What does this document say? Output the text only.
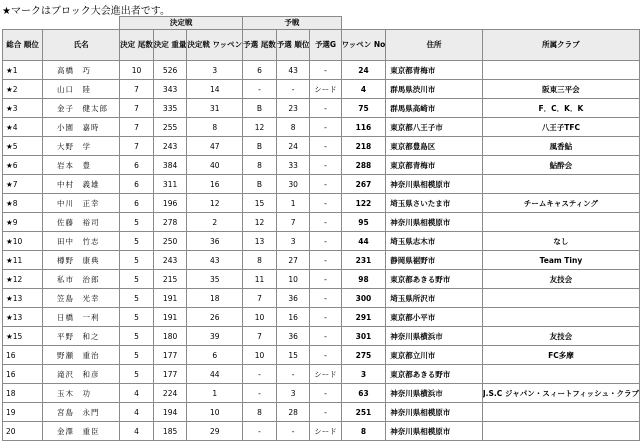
★マークはブロック大会進出者です。
		決定戦			予戦					
総合 順位	氏名	決定 尾数	決定 重量	決定戦 ワッペン	予選 尾数	予選 順位	予選G	ワッペン No	住所	所属クラブ
★1	高橋　巧	10	526	3	6	43	-	24	東京都青梅市	
★2	山口　陸	7	343	14	-	-	シード	4	群馬県渋川市	阪東三平会
★3	金子　健太郎	7	335	31	B	23	-	75	群馬県高崎市	F．C．K．K
★4	小園　嘉時	7	255	8	12	8	-	116	東京都八王子市	八王子TFC
★5	大野　学	7	243	47	B	24	-	218	東京都豊島区	風香鮎
★6	岩本　豊	6	384	40	8	33	-	288	東京都青梅市	鮎酔会
★7	中村　義雄	6	311	16	B	30	-	267	神奈川県相模原市	
★8	中川　正幸	6	196	12	15	1	-	122	埼玉県さいたま市	チームキャスティング
★9	佐藤　裕司	5	278	2	12	7	-	95	神奈川県相模原市	
★10	田中　竹志	5	250	36	13	3	-	44	埼玉県志木市	なし
★11	樽野　康典	5	243	43	8	27	-	231	静岡県裾野市	Team Tiny
★12	私市　治郎	5	215	35	11	10	-	98	東京都あきる野市	友技会
★13	笠島　光幸	5	191	18	7	36	-	300	埼玉県所沢市	
★13	日橋　一利	5	191	26	10	16	-	291	東京都小平市	
★15	平野　和之	5	180	39	7	36	-	301	神奈川県横浜市	友技会
16	野瀬　重治	5	177	6	10	15	-	275	東京都立川市	FC多摩
16	滝沢　和彦	5	177	44	-	-	シード	3	東京都あきる野市	
18	玉木　功	4	224	1	-	3	-	63	神奈川県横浜市	J.S.C ジャパン・スィートフィッシュ・クラブ
19	宮島　永門	4	194	10	8	28	-	251	神奈川県相模原市	
20	金澤　重臣	4	185	29	-	-	シード	8	神奈川県相模原市	
